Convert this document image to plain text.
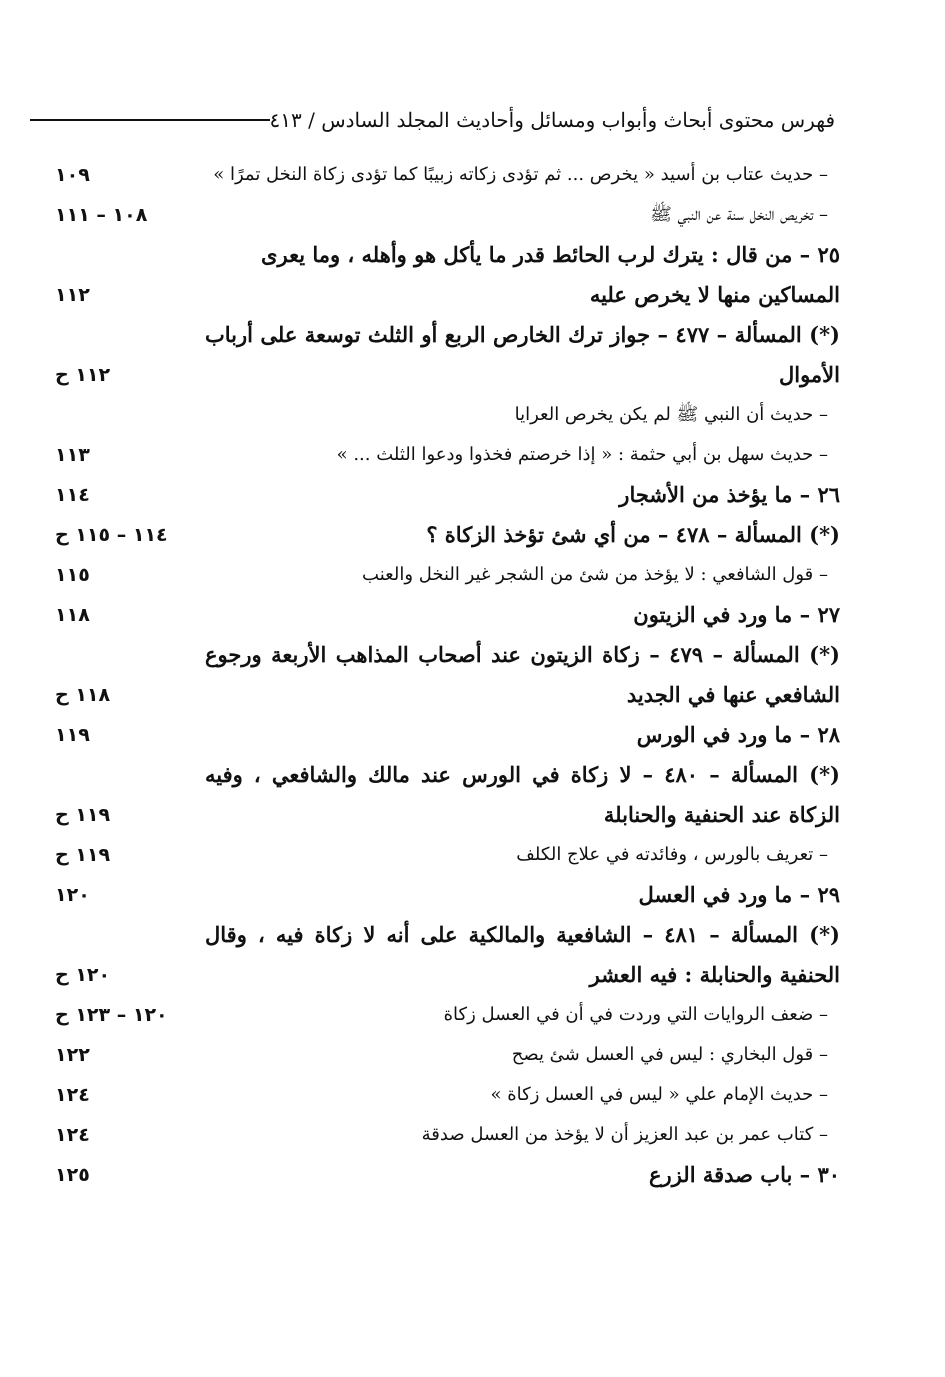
فهرس محتوى أبحاث وأبواب ومسائل وأحاديث المجلد السادس / ٤١٣
– حديث عتاب بن أسيد « يخرص ... ثم تؤدى زكاته زبيبًا كما تؤدى زكاة النخل تمرًا »
١٠٩
– تخريص النخل سنة عن النبي ﷺ
١٠٨ – ١١١
٢٥ – من قال : يترك لرب الحائط قدر ما يأكل هو وأهله ، وما يعرى المساكين منها لا يخرص عليه
١١٢
(*) المسألة – ٤٧٧ – جواز ترك الخارص الربع أو الثلث توسعة على أرباب الأموال
١١٢ ح
– حديث أن النبي ﷺ لم يكن يخرص العرايا
– حديث سهل بن أبي حثمة : « إذا خرصتم فخذوا ودعوا الثلث ... »
١١٣
٢٦ – ما يؤخذ من الأشجار
١١٤
(*) المسألة – ٤٧٨ – من أي شئ تؤخذ الزكاة ؟
١١٤ – ١١٥ ح
– قول الشافعي : لا يؤخذ من شئ من الشجر غير النخل والعنب
١١٥
٢٧ – ما ورد في الزيتون
١١٨
(*) المسألة – ٤٧٩ – زكاة الزيتون عند أصحاب المذاهب الأربعة ورجوع الشافعي عنها في الجديد
١١٨ ح
٢٨ – ما ورد في الورس
١١٩
(*) المسألة – ٤٨٠ – لا زكاة في الورس عند مالك والشافعي ، وفيه الزكاة عند الحنفية والحنابلة
١١٩ ح
– تعريف بالورس ، وفائدته في علاج الكلف
١١٩ ح
٢٩ – ما ورد في العسل
١٢٠
(*) المسألة – ٤٨١ – الشافعية والمالكية على أنه لا زكاة فيه ، وقال الحنفية والحنابلة : فيه العشر
١٢٠ ح
– ضعف الروايات التي وردت في أن في العسل زكاة
١٢٠ – ١٢٣ ح
– قول البخاري : ليس في العسل شئ يصح
١٢٢
– حديث الإمام علي « ليس في العسل زكاة »
١٢٤
– كتاب عمر بن عبد العزيز أن لا يؤخذ من العسل صدقة
١٢٤
٣٠ – باب صدقة الزرع
١٢٥
